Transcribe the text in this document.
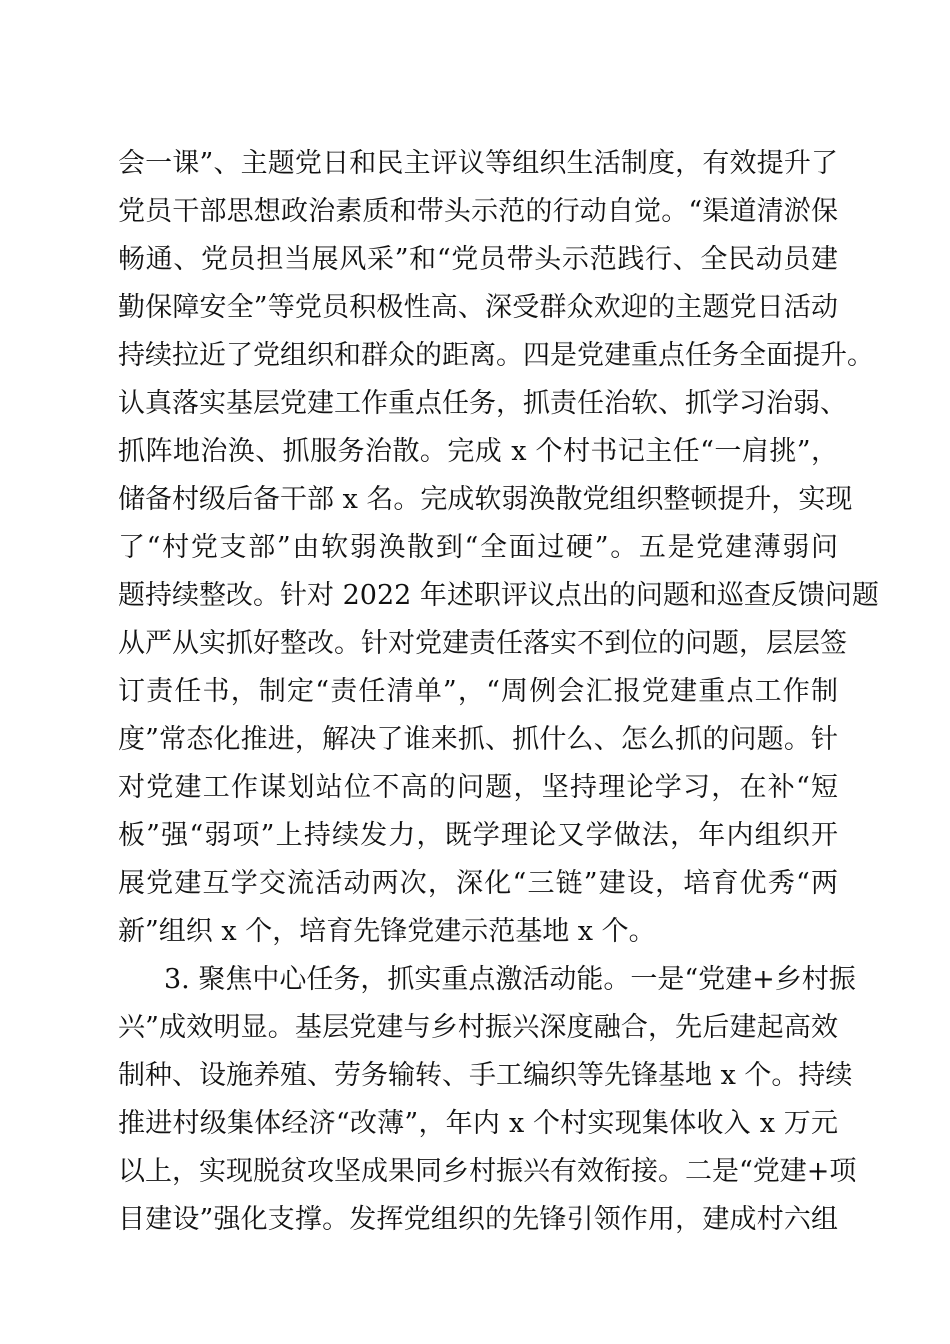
会一课”、主题党日和民主评议等组织生活制度，有效提升了
党员干部思想政治素质和带头示范的行动自觉。“渠道清淤保
畅通、党员担当展风采”和“党员带头示范践行、全民动员建
勤保障安全”等党员积极性高、深受群众欢迎的主题党日活动
持续拉近了党组织和群众的距离。四是党建重点任务全面提升。
认真落实基层党建工作重点任务，抓责任治软、抓学习治弱、
抓阵地治涣、抓服务治散。完成 x 个村书记主任“一肩挑”，
储备村级后备干部 x 名。完成软弱涣散党组织整顿提升，实现
了“村党支部”由软弱涣散到“全面过硬”。五是党建薄弱问
题持续整改。针对 2022 年述职评议点出的问题和巡查反馈问题
从严从实抓好整改。针对党建责任落实不到位的问题，层层签
订责任书，制定“责任清单”，“周例会汇报党建重点工作制
度”常态化推进，解决了谁来抓、抓什么、怎么抓的问题。针
对党建工作谋划站位不高的问题，坚持理论学习，在补“短
板”强“弱项”上持续发力，既学理论又学做法，年内组织开
展党建互学交流活动两次，深化“三链”建设，培育优秀“两
新”组织 x 个，培育先锋党建示范基地 x 个。
3. 聚焦中心任务，抓实重点激活动能。一是“党建+乡村振
兴”成效明显。基层党建与乡村振兴深度融合，先后建起高效
制种、设施养殖、劳务输转、手工编织等先锋基地 x 个。持续
推进村级集体经济“改薄”，年内 x 个村实现集体收入 x 万元
以上，实现脱贫攻坚成果同乡村振兴有效衔接。二是“党建+项
目建设”强化支撑。发挥党组织的先锋引领作用，建成村六组
